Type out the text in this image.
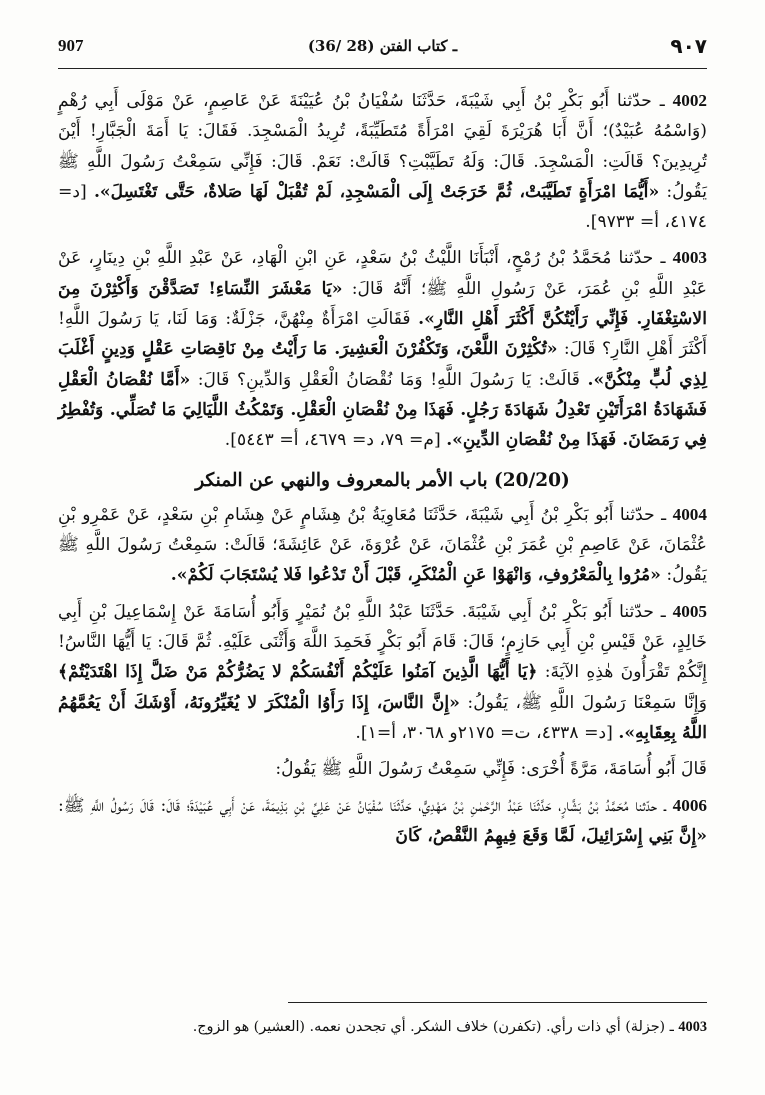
907	(36/ 28) ـ كتاب الفتن	٩٠٧

4002 ـ حدّثنا أَبُو بَكْرِ بْنُ أَبِي شَيْبَةَ، حَدَّثَنَا سُفْيَانُ بْنُ عُيَيْنَةَ عَنْ عَاصِمٍ، عَنْ مَوْلَى أَبِي رُهْمٍ (وَاسْمُهُ عُبَيْدٌ)؛ أَنَّ أَبَا هُرَيْرَةَ لَقِيَ امْرَأَةً مُتَطَيِّبَةً، تُرِيدُ الْمَسْجِدَ. فَقَالَ: يَا أَمَةَ الْجَبَّارِ! أَيْنَ تُرِيدِينَ؟ قَالَتِ: الْمَسْجِدَ. قَالَ: وَلَهُ تَطَيَّبْتِ؟ قَالَتْ: نَعَمْ. قَالَ: فَإِنِّي سَمِعْتُ رَسُولَ اللَّهِ ﷺ يَقُولُ: «أَيُّمَا امْرَأَةٍ تَطَيَّبَتْ، ثُمَّ خَرَجَتْ إِلَى الْمَسْجِدِ، لَمْ تُقْبَلْ لَهَا صَلاةٌ، حَتَّى تَغْتَسِلَ». [د= ٤١٧٤، أ= ٩٧٣٣].

4003 ـ حدّثنا مُحَمَّدُ بْنُ رُمْحٍ، أَنْبَأَنَا اللَّيْثُ بْنُ سَعْدٍ، عَنِ ابْنِ الْهَادِ، عَنْ عَبْدِ اللَّهِ بْنِ دِينَارٍ، عَنْ عَبْدِ اللَّهِ بْنِ عُمَرَ، عَنْ رَسُولِ اللَّهِ ﷺ؛ أَنَّهُ قَالَ: «يَا مَعْشَرَ النِّسَاءِ! تَصَدَّقْنَ وَأَكْثِرْنَ مِنَ الاسْتِغْفَارِ. فَإِنِّي رَأَيْتُكُنَّ أَكْثَرَ أَهْلِ النَّارِ». فَقَالَتِ امْرَأَةٌ مِنْهُنَّ، جَزْلَةٌ: وَمَا لَنَا، يَا رَسُولَ اللَّهِ! أَكْثَرَ أَهْلِ النَّارِ؟ قَالَ: «تُكْثِرْنَ اللَّعْنَ، وَتَكْفُرْنَ الْعَشِيرَ. مَا رَأَيْتُ مِنْ نَاقِصَاتِ عَقْلٍ وَدِينٍ أَغْلَبَ لِذِي لُبٍّ مِنْكُنَّ». قَالَتْ: يَا رَسُولَ اللَّهِ! وَمَا نُقْصَانُ الْعَقْلِ وَالدِّينِ؟ قَالَ: «أَمَّا نُقْصَانُ الْعَقْلِ فَشَهَادَةُ امْرَأَتَيْنِ تَعْدِلُ شَهَادَةَ رَجُلٍ. فَهَذَا مِنْ نُقْصَانِ الْعَقْلِ. وَتَمْكُثُ اللَّيَالِيَ مَا تُصَلِّي. وَتُفْطِرُ فِي رَمَضَانَ. فَهَذَا مِنْ نُقْصَانِ الدِّينِ». [م= ٧٩، د= ٤٦٧٩، أ= ٥٤٤٣].

(20/20) باب الأمر بالمعروف والنهي عن المنكر

4004 ـ حدّثنا أَبُو بَكْرِ بْنُ أَبِي شَيْبَةَ، حَدَّثَنَا مُعَاوِيَةُ بْنُ هِشَامٍ عَنْ هِشَامِ بْنِ سَعْدٍ، عَنْ عَمْرِو بْنِ عُثْمَانَ، عَنْ عَاصِمِ بْنِ عُمَرَ بْنِ عُثْمَانَ، عَنْ عُرْوَةَ، عَنْ عَائِشَةَ؛ قَالَتْ: سَمِعْتُ رَسُولَ اللَّهِ ﷺ يَقُولُ: «مُرُوا بِالْمَعْرُوفِ، وَانْهَوْا عَنِ الْمُنْكَرِ، قَبْلَ أَنْ تَدْعُوا فَلا يُسْتَجَابَ لَكُمْ».

4005 ـ حدّثنا أَبُو بَكْرِ بْنُ أَبِي شَيْبَةَ. حَدَّثَنَا عَبْدُ اللَّهِ بْنُ نُمَيْرٍ وَأَبُو أُسَامَةَ عَنْ إِسْمَاعِيلَ بْنِ أَبِي خَالِدٍ، عَنْ قَيْسِ بْنِ أَبِي حَازِمٍ؛ قَالَ: قَامَ أَبُو بَكْرٍ فَحَمِدَ اللَّهَ وَأَثْنَى عَلَيْهِ. ثُمَّ قَالَ: يَا أَيُّهَا النَّاسُ! إِنَّكُمْ تَقْرَأُونَ هٰذِهِ الآيَةَ: ﴿يَا أَيُّهَا الَّذِينَ آمَنُوا عَلَيْكُمْ أَنْفُسَكُمْ لا يَضُرُّكُمْ مَنْ ضَلَّ إِذَا اهْتَدَيْتُمْ﴾ وَإِنَّا سَمِعْنَا رَسُولَ اللَّهِ ﷺ، يَقُولُ: «إِنَّ النَّاسَ، إِذَا رَأَوُا الْمُنْكَرَ لا يُغَيِّرُونَهُ، أَوْشَكَ أَنْ يَعُمَّهُمُ اللَّهُ بِعِقَابِهِ». [د= ٤٣٣٨، ت= ٢١٧٥و ٣٠٦٨، أ=١].

قَالَ أَبُو أُسَامَةَ، مَرَّةً أُخْرَى: فَإِنِّي سَمِعْتُ رَسُولَ اللَّهِ ﷺ يَقُولُ:

4006 ـ حدّثنا مُحَمَّدُ بْنُ بَشَّارٍ، حَدَّثَنَا عَبْدُ الرَّحْمٰنِ بْنُ مَهْدِيٍّ، حَدَّثَنَا سُفْيَانُ عَنْ عَلِيِّ بْنِ بَذِيمَةَ، عَنْ أَبِي عُبَيْدَةَ؛ قَالَ: قَالَ رَسُولُ اللَّهِ ﷺ: «إِنَّ بَنِي إِسْرَائِيلَ، لَمَّا وَقَعَ فِيهِمُ النَّقْصُ، كَانَ

4003 ـ (جزلة) أي ذات رأي. (تكفرن) خلاف الشكر. أي تجحدن نعمه. (العشير) هو الزوج.
